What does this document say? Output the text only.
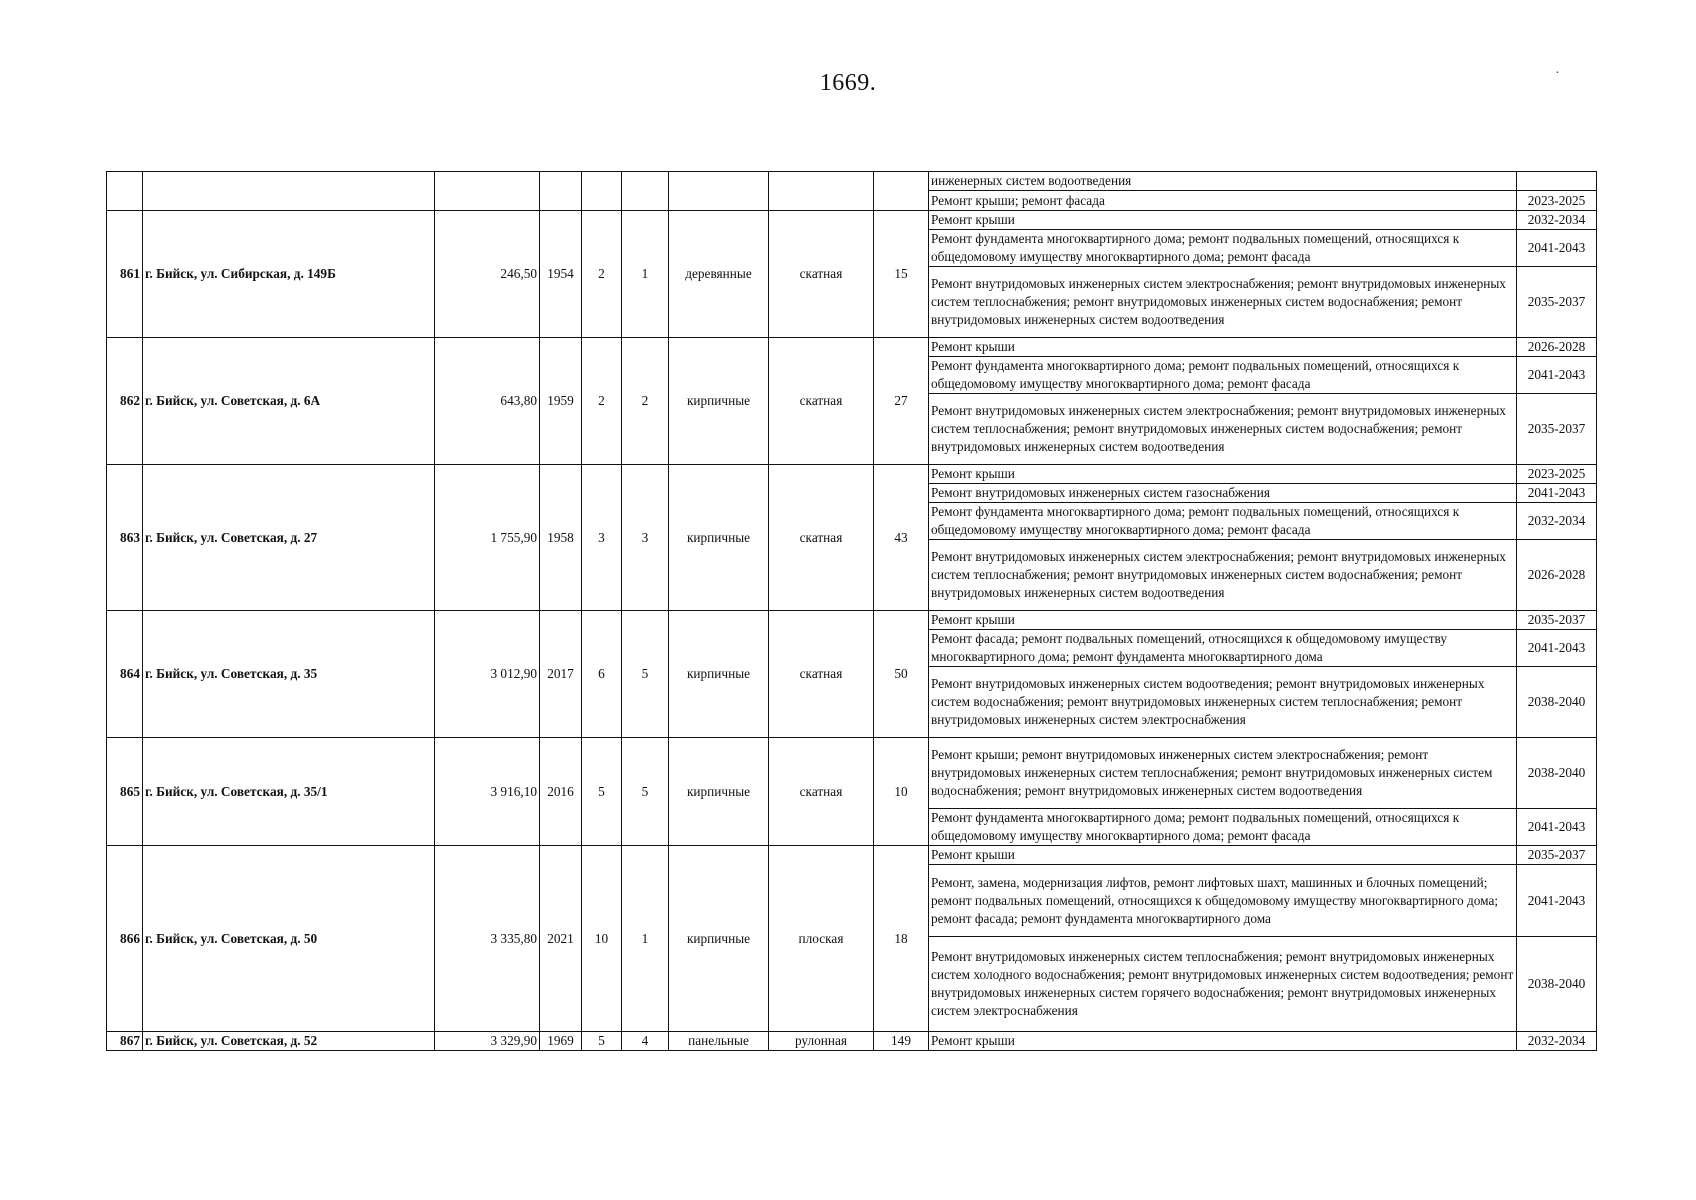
1669.	·
									инженерных систем водоотведения	
									Ремонт крыши; ремонт фасада	2023-2025
861	г. Бийск, ул. Сибирская, д. 149Б	246,50	1954	2	1	деревянные	скатная	15	Ремонт крыши	2032-2034
									Ремонт фундамента многоквартирного дома; ремонт подвальных помещений, относящихся к общедомовому имуществу многоквартирного дома; ремонт фасада	2041-2043
									Ремонт внутридомовых инженерных систем электроснабжения; ремонт внутридомовых инженерных систем теплоснабжения; ремонт внутридомовых инженерных систем водоснабжения; ремонт внутридомовых инженерных систем водоотведения	2035-2037
862	г. Бийск, ул. Советская, д. 6А	643,80	1959	2	2	кирпичные	скатная	27	Ремонт крыши	2026-2028
									Ремонт фундамента многоквартирного дома; ремонт подвальных помещений, относящихся к общедомовому имуществу многоквартирного дома; ремонт фасада	2041-2043
									Ремонт внутридомовых инженерных систем электроснабжения; ремонт внутридомовых инженерных систем теплоснабжения; ремонт внутридомовых инженерных систем водоснабжения; ремонт внутридомовых инженерных систем водоотведения	2035-2037
863	г. Бийск, ул. Советская, д. 27	1 755,90	1958	3	3	кирпичные	скатная	43	Ремонт крыши	2023-2025
									Ремонт внутридомовых инженерных систем газоснабжения	2041-2043
									Ремонт фундамента многоквартирного дома; ремонт подвальных помещений, относящихся к общедомовому имуществу многоквартирного дома; ремонт фасада	2032-2034
									Ремонт внутридомовых инженерных систем электроснабжения; ремонт внутридомовых инженерных систем теплоснабжения; ремонт внутридомовых инженерных систем водоснабжения; ремонт внутридомовых инженерных систем водоотведения	2026-2028
864	г. Бийск, ул. Советская, д. 35	3 012,90	2017	6	5	кирпичные	скатная	50	Ремонт крыши	2035-2037
									Ремонт фасада; ремонт подвальных помещений, относящихся к общедомовому имуществу многоквартирного дома; ремонт фундамента многоквартирного дома	2041-2043
									Ремонт внутридомовых инженерных систем водоотведения; ремонт внутридомовых инженерных систем водоснабжения; ремонт внутридомовых инженерных систем теплоснабжения; ремонт внутридомовых инженерных систем электроснабжения	2038-2040
865	г. Бийск, ул. Советская, д. 35/1	3 916,10	2016	5	5	кирпичные	скатная	10	Ремонт крыши; ремонт внутридомовых инженерных систем электроснабжения; ремонт внутридомовых инженерных систем теплоснабжения; ремонт внутридомовых инженерных систем водоснабжения; ремонт внутридомовых инженерных систем водоотведения	2038-2040
									Ремонт фундамента многоквартирного дома; ремонт подвальных помещений, относящихся к общедомовому имуществу многоквартирного дома; ремонт фасада	2041-2043
866	г. Бийск, ул. Советская, д. 50	3 335,80	2021	10	1	кирпичные	плоская	18	Ремонт крыши	2035-2037
									Ремонт, замена, модернизация лифтов, ремонт лифтовых шахт, машинных и блочных помещений; ремонт подвальных помещений, относящихся к общедомовому имуществу многоквартирного дома; ремонт фасада; ремонт фундамента многоквартирного дома	2041-2043
									Ремонт внутридомовых инженерных систем теплоснабжения; ремонт внутридомовых инженерных систем холодного водоснабжения; ремонт внутридомовых инженерных систем водоотведения; ремонт внутридомовых инженерных систем горячего водоснабжения; ремонт внутридомовых инженерных систем электроснабжения	2038-2040
867	г. Бийск, ул. Советская, д. 52	3 329,90	1969	5	4	панельные	рулонная	149	Ремонт крыши	2032-2034
